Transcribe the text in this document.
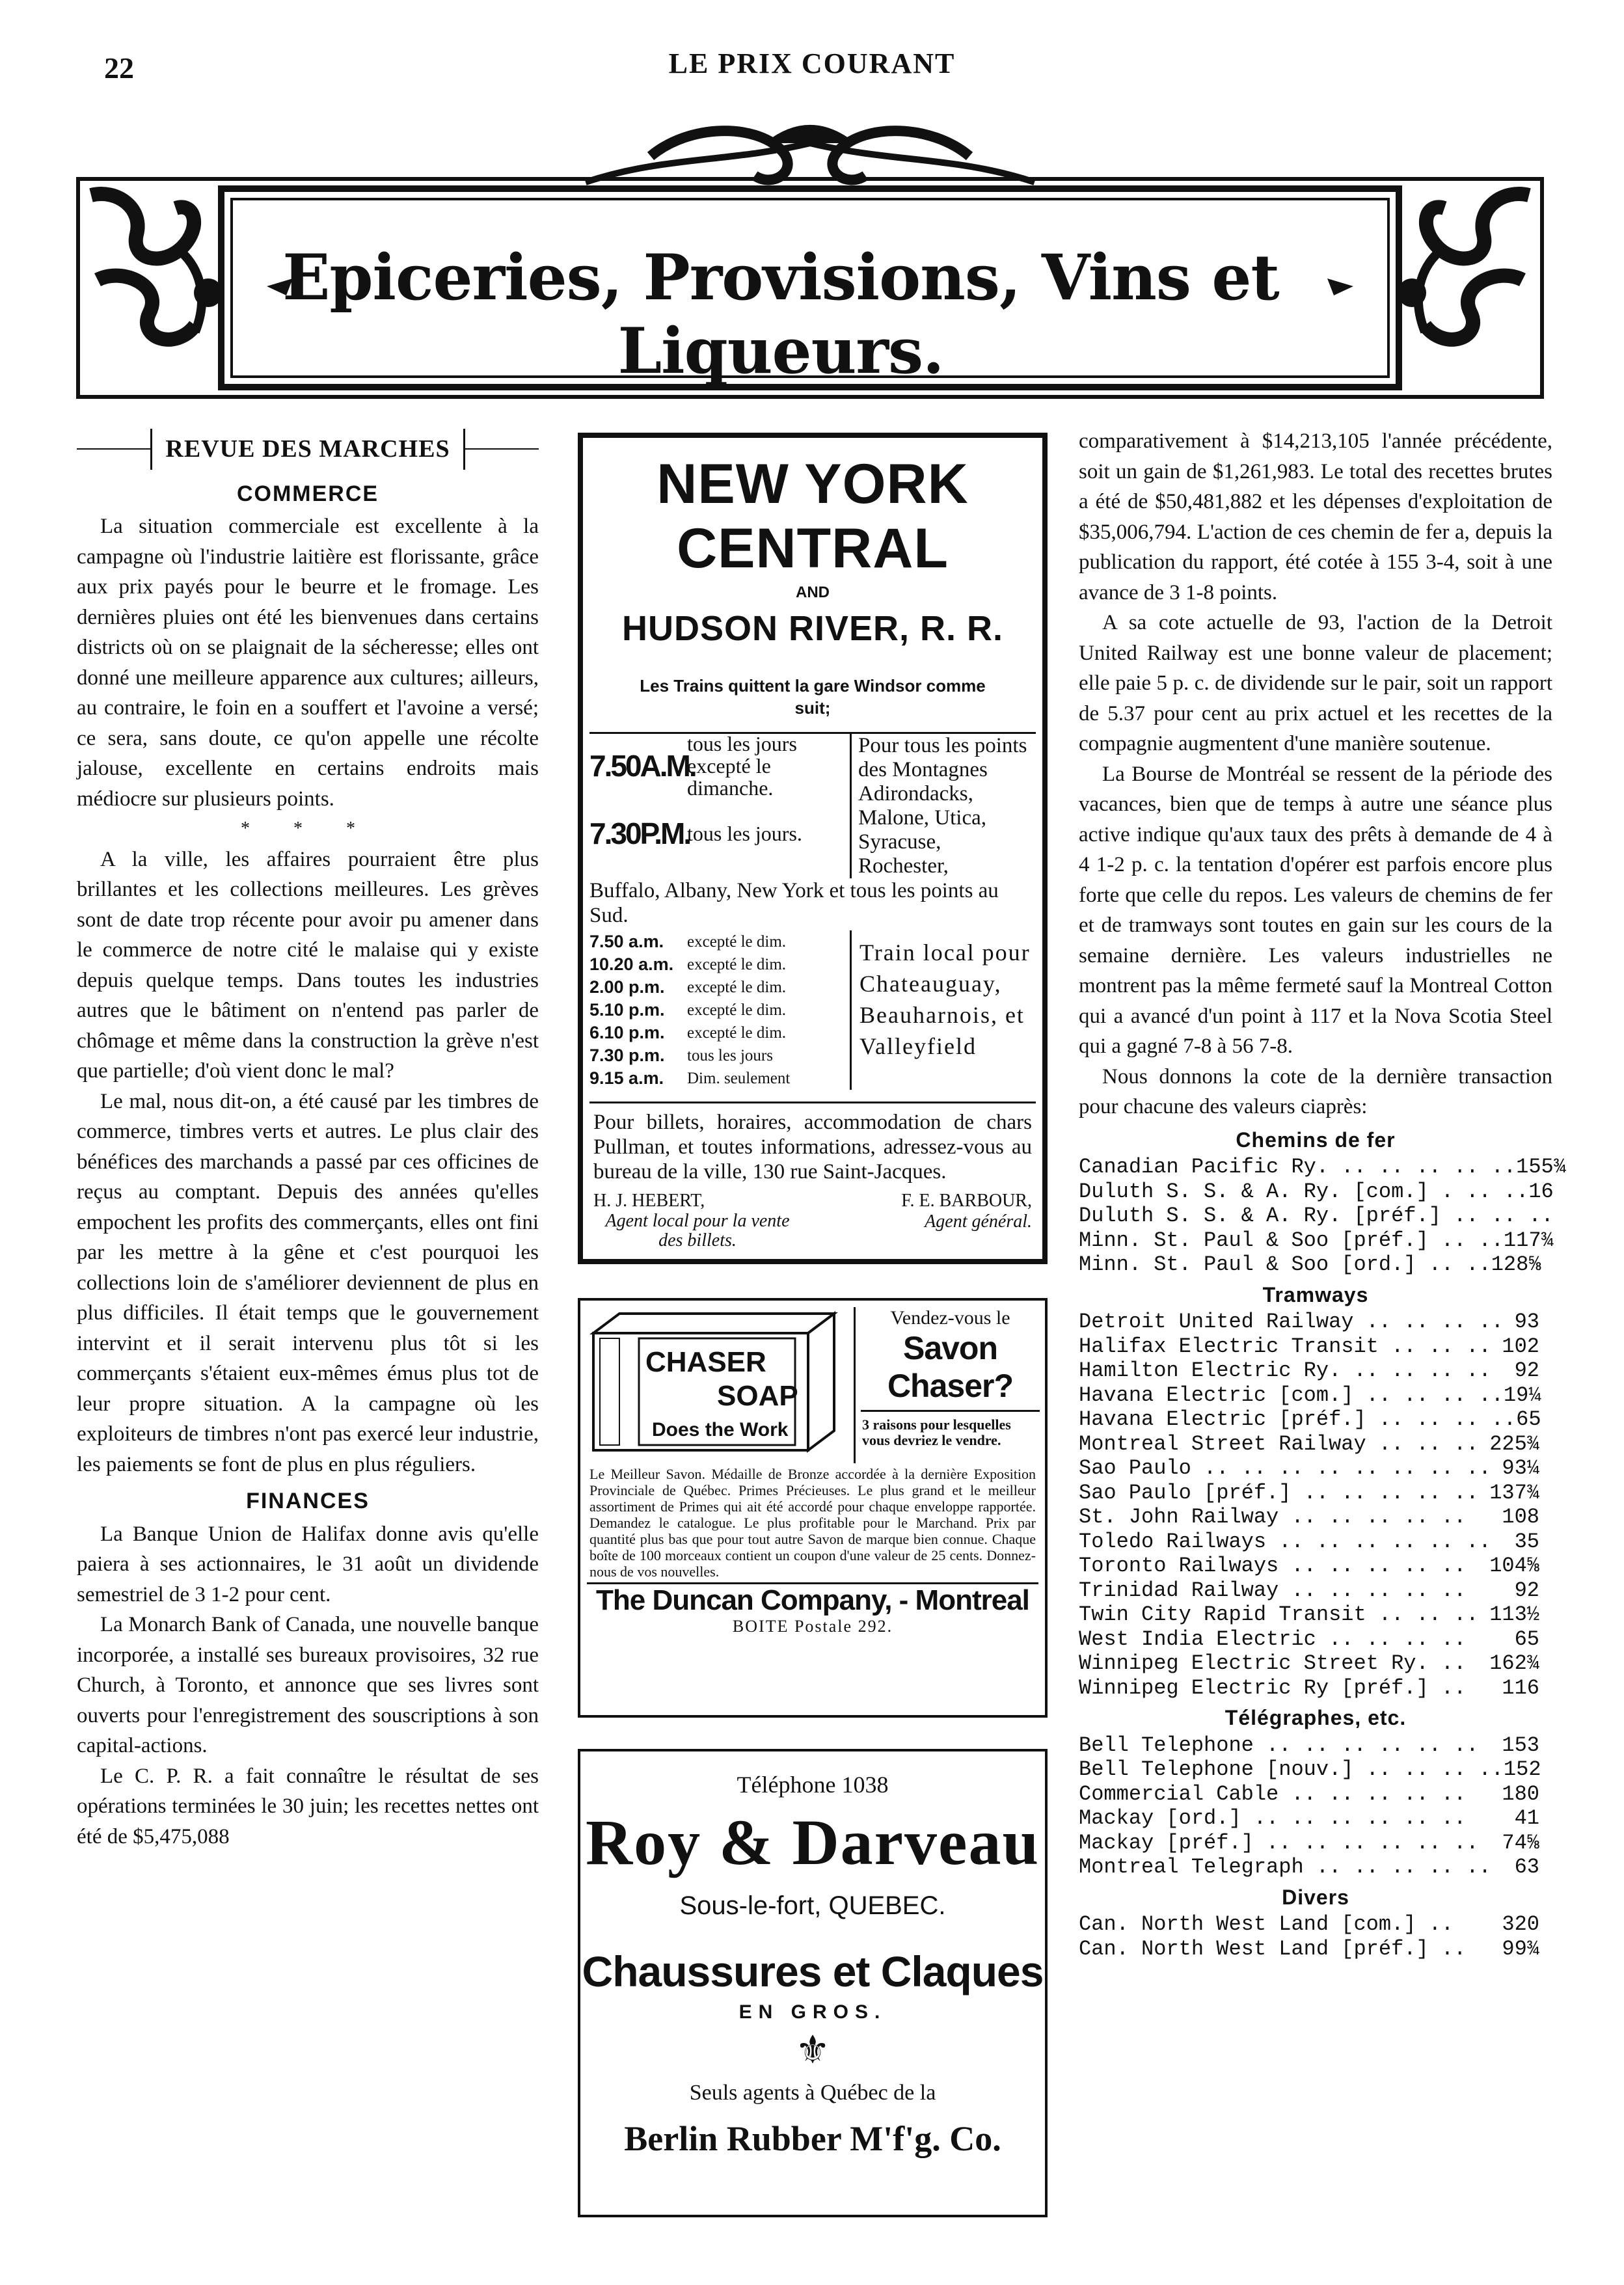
22	LE PRIX COURANT
Epiceries, Provisions, Vins et Liqueurs.
REVUE DES MARCHES
COMMERCE

La situation commerciale est excellente à la campagne où l'industrie laitière est florissante, grâce aux prix payés pour le beurre et le fromage. Les dernières pluies ont été les bienvenues dans certains districts où on se plaignait de la sécheresse; elles ont donné une meilleure apparence aux cultures; ailleurs, au contraire, le foin en a souffert et l'avoine a versé; ce sera, sans doute, ce qu'on appelle une récolte jalouse, excellente en certains endroits mais médiocre sur plusieurs points.

* * *

A la ville, les affaires pourraient être plus brillantes et les collections meilleures. Les grèves sont de date trop récente pour avoir pu amener dans le commerce de notre cité le malaise qui y existe depuis quelque temps. Dans toutes les industries autres que le bâtiment on n'entend pas parler de chômage et même dans la construction la grève n'est que partielle; d'où vient donc le mal?

Le mal, nous dit-on, a été causé par les timbres de commerce, timbres verts et autres. Le plus clair des bénéfices des marchands a passé par ces officines de reçus au comptant. Depuis des années qu'elles empochent les profits des commerçants, elles ont fini par les mettre à la gêne et c'est pourquoi les collections loin de s'améliorer deviennent de plus en plus difficiles. Il était temps que le gouvernement intervint et il serait intervenu plus tôt si les commerçants s'étaient eux-mêmes émus plus tot de leur propre situation. A la campagne où les exploiteurs de timbres n'ont pas exercé leur industrie, les paiements se font de plus en plus réguliers.

FINANCES

La Banque Union de Halifax donne avis qu'elle paiera à ses actionnaires, le 31 août un dividende semestriel de 3 1-2 pour cent.

La Monarch Bank of Canada, une nouvelle banque incorporée, a installé ses bureaux provisoires, 32 rue Church, à Toronto, et annonce que ses livres sont ouverts pour l'enregistrement des souscriptions à son capital-actions.

Le C. P. R. a fait connaître le résultat de ses opérations terminées le 30 juin; les recettes nettes ont été de $5,475,088

NEW YORK CENTRAL
AND
HUDSON RIVER, R. R.
Les Trains quittent la gare Windsor comme suit;
7.50A.M.
tous les jours excepté le dimanche.
7.30P.M.
tous les jours.
Pour tous les points des Montagnes Adirondacks, Malone, Utica, Syracuse, Rochester,
Buffalo, Albany, New York et tous les points au Sud.
7.50 a.m.	excepté le dim.
10.20 a.m. excepté le dim.
2.00 p.m.	excepté le dim.
5.10 p.m.	excepté le dim.
6.10 p.m.	excepté le dim.
7.30 p.m.	tous les jours
9.15 a.m.	Dim. seulement
Train local pour Chateauguay, Beauharnois, et Valleyfield
Pour billets, horaires, accommodation de chars Pullman, et toutes informations, adressez-vous au bureau de la ville, 130 rue Saint-Jacques.
H. J. HEBERT,
Agent local pour la vente des billets.
F. E. BARBOUR,
Agent général.
CHASER
SOAP
Does the Work
Vendez-vous le
Savon Chaser?
3 raisons pour lesquelles vous devriez le vendre.
Le Meilleur Savon. Médaille de Bronze accordée à la dernière Exposition Provinciale de Québec. Primes Précieuses. Le plus grand et le meilleur assortiment de Primes qui ait été accordé pour chaque enveloppe rapportée. Demandez le catalogue. Le plus profitable pour le Marchand. Prix par quantité plus bas que pour tout autre Savon de marque bien connue. Chaque boîte de 100 morceaux contient un coupon d'une valeur de 25 cents. Donnez-nous de vos nouvelles.
The Duncan Company, - Montreal
BOITE Postale 292.
Téléphone 1038
Roy & Darveau
Sous-le-fort, QUEBEC.
Chaussures et Claques
EN GROS.
⚜
Seuls agents à Québec de la
Berlin Rubber M'f'g. Co.

comparativement à $14,213,105 l'année précédente, soit un gain de $1,261,983. Le total des recettes brutes a été de $50,481,882 et les dépenses d'exploitation de $35,006,794. L'action de ces chemin de fer a, depuis la publication du rapport, été cotée à 155 3-4, soit à une avance de 3 1-8 points.

A sa cote actuelle de 93, l'action de la Detroit United Railway est une bonne valeur de placement; elle paie 5 p. c. de dividende sur le pair, soit un rapport de 5.37 pour cent au prix actuel et les recettes de la compagnie augmentent d'une manière soutenue.

La Bourse de Montréal se ressent de la période des vacances, bien que de temps à autre une séance plus active indique qu'aux taux des prêts à demande de 4 à 4 1-2 p. c. la tentation d'opérer est parfois encore plus forte que celle du repos. Les valeurs de chemins de fer et de tramways sont toutes en gain sur les cours de la semaine dernière. Les valeurs industrielles ne montrent pas la même fermeté sauf la Montreal Cotton qui a avancé d'un point à 117 et la Nova Scotia Steel qui a gagné 7-8 à 56 7-8.

Nous donnons la cote de la dernière transaction pour chacune des valeurs ciaprès:

Chemins de fer
Canadian Pacific Ry. .. .. .. .. .. 155¾
Duluth S. S. & A. Ry. [com.] . .. .. 16
Duluth S. S. & A. Ry. [préf.] .. .. ..
Minn. St. Paul & Soo [préf.] .. .. 117¾
Minn. St. Paul & Soo [ord.] .. .. 128⅝
Tramways
Detroit United Railway .. .. .. .. 93
Halifax Electric Transit .. .. .. 102
Hamilton Electric Ry. .. .. .. ..	92
Havana Electric [com.] .. .. .. .. 19¼
Havana Electric [préf.] .. .. .. .. 65
Montreal Street Railway .. .. .. 225¾
Sao Paulo .. .. .. .. .. .. .. .. 93¼
Sao Paulo [préf.] .. .. .. .. .. 137¾
St. John Railway .. .. .. .. ..	108
Toledo Railways .. .. .. .. .. ..	35
Toronto Railways .. .. .. .. ..	104⅝
Trinidad Railway .. .. .. .. ..	92
Twin City Rapid Transit .. .. .. 113½
West India Electric .. .. .. ..	65
Winnipeg Electric Street Ry. ..	162¾
Winnipeg Electric Ry [préf.] ..	116
Télégraphes, etc.
Bell Telephone .. .. .. .. .. ..	153
Bell Telephone [nouv.] .. .. .. .. 152
Commercial Cable .. .. .. .. ..	180
Mackay [ord.] .. .. .. .. .. ..	41
Mackay [préf.] .. .. .. .. .. ..	74⅝
Montreal Telegraph .. .. .. .. ..	63
Divers
Can. North West Land [com.] ..	320
Can. North West Land [préf.] ..	99¾
